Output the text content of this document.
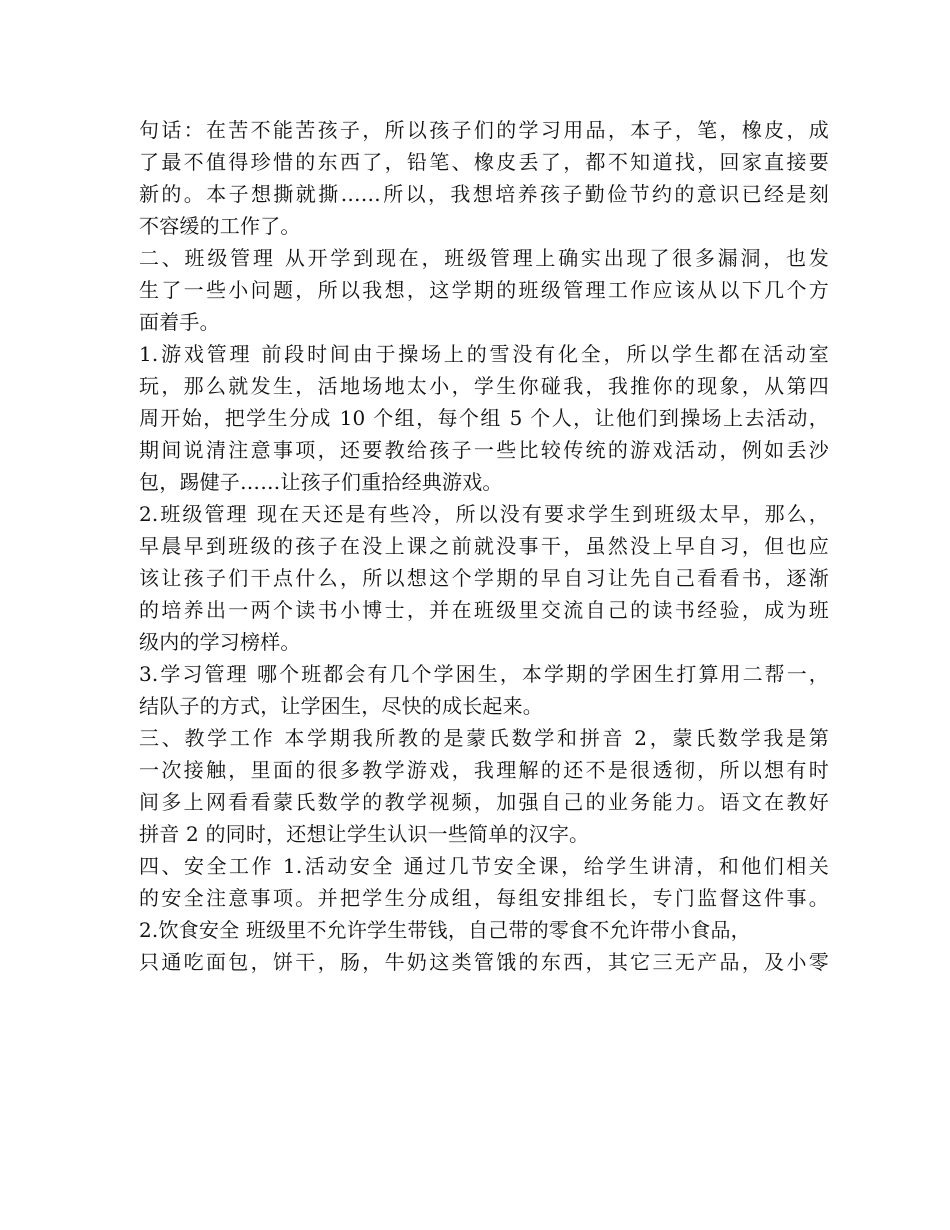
句话：在苦不能苦孩子，所以孩子们的学习用品，本子，笔，橡皮，成
了最不值得珍惜的东西了，铅笔、橡皮丢了，都不知道找，回家直接要
新的。本子想撕就撕……所以，我想培养孩子勤俭节约的意识已经是刻
不容缓的工作了。
二、班级管理 从开学到现在，班级管理上确实出现了很多漏洞，也发
生了一些小问题，所以我想，这学期的班级管理工作应该从以下几个方
面着手。
1.游戏管理 前段时间由于操场上的雪没有化全，所以学生都在活动室
玩，那么就发生，活地场地太小，学生你碰我，我推你的现象，从第四
周开始，把学生分成 10 个组，每个组 5 个人，让他们到操场上去活动，
期间说清注意事项，还要教给孩子一些比较传统的游戏活动，例如丢沙
包，踢健子……让孩子们重拾经典游戏。
2.班级管理 现在天还是有些冷，所以没有要求学生到班级太早，那么，
早晨早到班级的孩子在没上课之前就没事干，虽然没上早自习，但也应
该让孩子们干点什么，所以想这个学期的早自习让先自己看看书，逐渐
的培养出一两个读书小博士，并在班级里交流自己的读书经验，成为班
级内的学习榜样。
3.学习管理 哪个班都会有几个学困生，本学期的学困生打算用二帮一，
结队子的方式，让学困生，尽快的成长起来。
三、教学工作 本学期我所教的是蒙氏数学和拼音 2，蒙氏数学我是第
一次接触，里面的很多教学游戏，我理解的还不是很透彻，所以想有时
间多上网看看蒙氏数学的教学视频，加强自己的业务能力。语文在教好
拼音 2 的同时，还想让学生认识一些简单的汉字。
四、安全工作 1.活动安全 通过几节安全课，给学生讲清，和他们相关
的安全注意事项。并把学生分成组，每组安排组长，专门监督这件事。
2.饮食安全 班级里不允许学生带钱，自己带的零食不允许带小食品，
只通吃面包，饼干，肠，牛奶这类管饿的东西，其它三无产品，及小零
